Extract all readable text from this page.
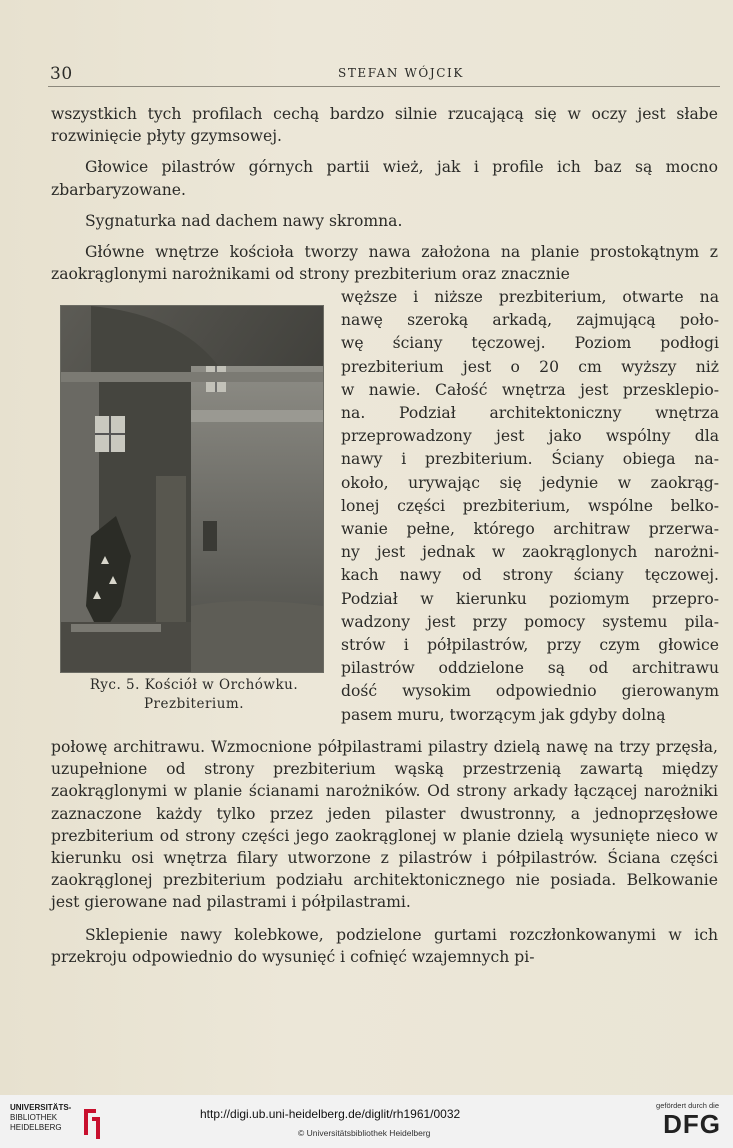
30	STEFAN WÓJCIK

wszystkich tych profilach cechą bardzo silnie rzucającą się w oczy jest słabe rozwinięcie płyty gzymsowej.

Głowice pilastrów górnych partii wież, jak i profile ich baz są mocno zbarbaryzowane.

Sygnaturka nad dachem nawy skromna.

Główne wnętrze kościoła tworzy nawa założona na planie prostokątnym z zaokrąglonymi narożnikami od strony prezbiterium oraz znacznie

Ryc. 5. Kościół w Orchówku.
Prezbiterium.
węższe i niższe prezbiterium, otwarte na
nawę szeroką arkadą, zajmującą poło-
wę ściany tęczowej. Poziom podłogi
prezbiterium jest o 20 cm wyższy niż
w nawie. Całość wnętrza jest przesklepio-
na. Podział architektoniczny wnętrza
przeprowadzony jest jako wspólny dla
nawy i prezbiterium. Ściany obiega na-
około, urywając się jedynie w zaokrąg-
lonej części prezbiterium, wspólne belko-
wanie pełne, którego architraw przerwa-
ny jest jednak w zaokrąglonych narożni-
kach nawy od strony ściany tęczowej.
Podział w kierunku poziomym przepro-
wadzony jest przy pomocy systemu pila-
strów i półpilastrów, przy czym głowice
pilastrów oddzielone są od architrawu
dość wysokim odpowiednio gierowanym
pasem muru, tworzącym jak gdyby dolną

połowę architrawu. Wzmocnione półpilastrami pilastry dzielą nawę na trzy przęsła, uzupełnione od strony prezbiterium wąską przestrzenią zawartą między zaokrąglonymi w planie ścianami narożników. Od strony arkady łączącej narożniki zaznaczone każdy tylko przez jeden pilaster dwustronny, a jednoprzęsłowe prezbiterium od strony części jego zaokrąglonej w planie dzielą wysunięte nieco w kierunku osi wnętrza filary utworzone z pilastrów i półpilastrów. Ściana części zaokrąglonej prezbiterium podziału architektonicznego nie posiada. Belkowanie jest gierowane nad pilastrami i półpilastrami.

Sklepienie nawy kolebkowe, podzielone gurtami rozczłonkowanymi w ich przekroju odpowiednio do wysunięć i cofnięć wzajemnych pi-

UNIVERSITÄTS-
BIBLIOTHEK
HEIDELBERG
http://digi.ub.uni-heidelberg.de/diglit/rh1961/0032
© Universitätsbibliothek Heidelberg
gefördert durch die
DFG
